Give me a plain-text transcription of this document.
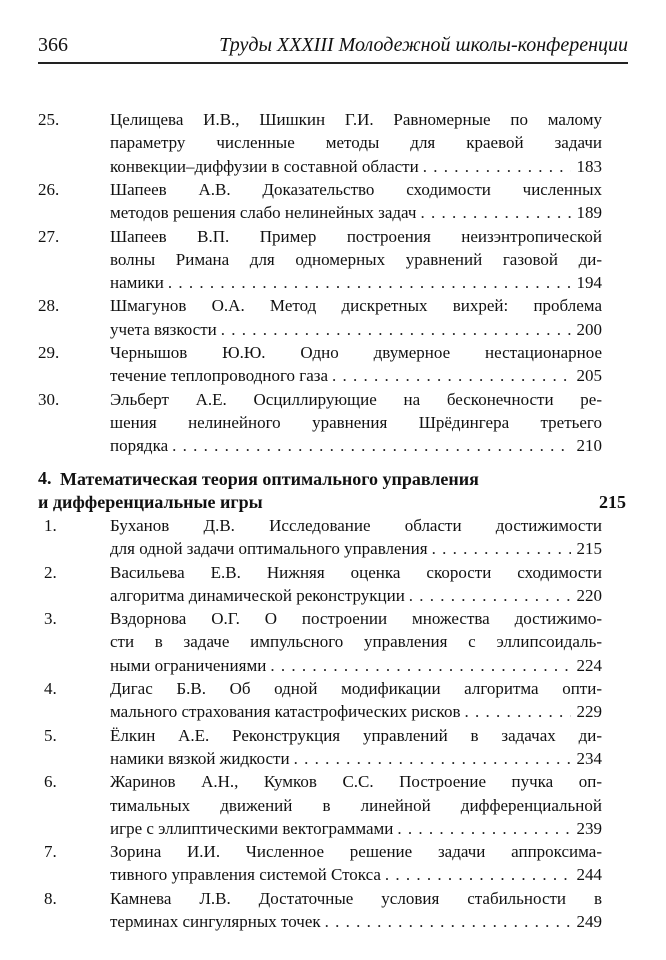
366	Труды XXXIII Молодежной школы-конференции
25.	Целищева И.В., Шишкин Г.И. Равномерные по малому
параметру численные методы для краевой задачи
конвекции–диффузии в составной области . . .	183
26.	Шапеев А.В. Доказательство сходимости численных
методов решения слабо нелинейных задач . . .	189
27.	Шапеев В.П. Пример построения неизэнтропической
волны Римана для одномерных уравнений газовой ди-
намики . . .	194
28.	Шмагунов О.А. Метод дискретных вихрей: проблема
учета вязкости . . .	200
29.	Чернышов Ю.Ю. Одно двумерное нестационарное
течение теплопроводного газа . . .	205
30.	Эльберт А.Е. Осциллирующие на бесконечности ре-
шения нелинейного уравнения Шрёдингера третьего
порядка . . .	210
4. Математическая теория оптимального управления
и дифференциальные игры	215
1.	Буханов Д.В. Исследование области достижимости
для одной задачи оптимального управления . . .	215
2.	Васильева Е.В. Нижняя оценка скорости сходимости
алгоритма динамической реконструкции . . .	220
3.	Вздорнова О.Г. О построении множества достижимо-
сти в задаче импульсного управления с эллипсоидаль-
ными ограничениями . . .	224
4.	Дигас Б.В. Об одной модификации алгоритма опти-
мального страхования катастрофических рисков . . .	229
5.	Ёлкин А.Е. Реконструкция управлений в задачах ди-
намики вязкой жидкости . . .	234
6.	Жаринов А.Н., Кумков С.С. Построение пучка оп-
тимальных движений в линейной дифференциальной
игре с эллиптическими вектограммами . . .	239
7.	Зорина И.И. Численное решение задачи аппроксима-
тивного управления системой Стокса . . .	244
8.	Камнева Л.В. Достаточные условия стабильности в
терминах сингулярных точек . . .	249
